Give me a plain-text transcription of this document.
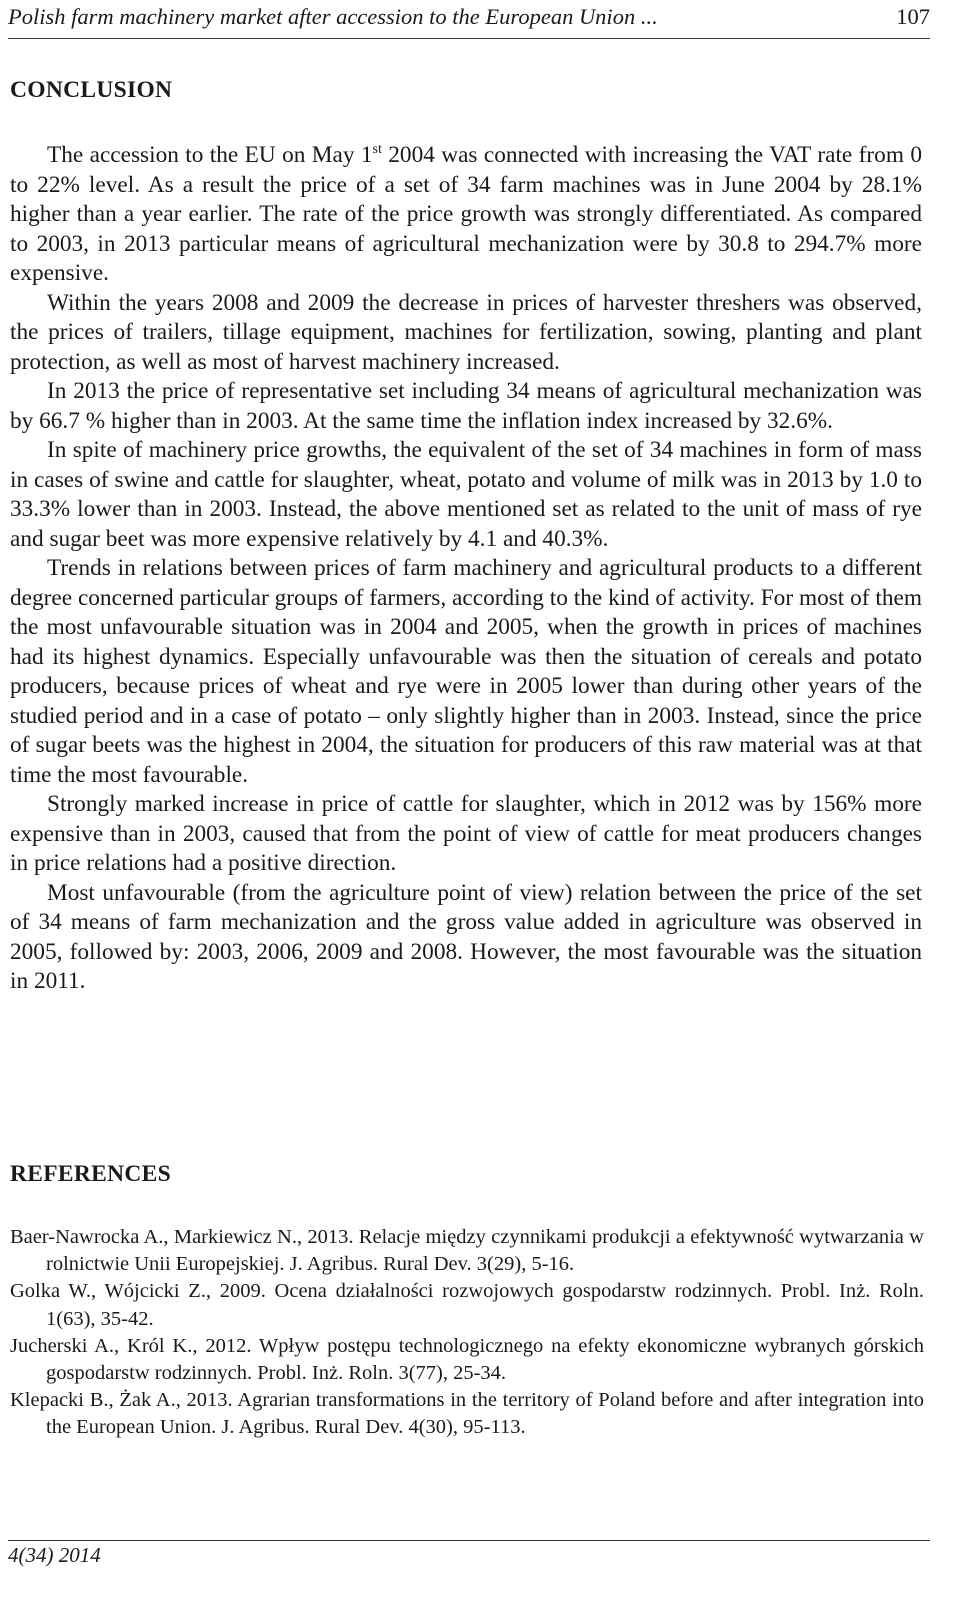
Polish farm machinery market after accession to the European Union ...	107
CONCLUSION

The accession to the EU on May 1st 2004 was connected with increasing the VAT rate from 0 to 22% level. As a result the price of a set of 34 farm machines was in June 2004 by 28.1% higher than a year earlier. The rate of the price growth was strongly differentiated. As compared to 2003, in 2013 particular means of agricultural mechanization were by 30.8 to 294.7% more expensive.

Within the years 2008 and 2009 the decrease in prices of harvester threshers was observed, the prices of trailers, tillage equipment, machines for fertilization, sowing, planting and plant protection, as well as most of harvest machinery increased.

In 2013 the price of representative set including 34 means of agricultural mechanization was by 66.7 % higher than in 2003. At the same time the inflation index increased by 32.6%.

In spite of machinery price growths, the equivalent of the set of 34 machines in form of mass in cases of swine and cattle for slaughter, wheat, potato and volume of milk was in 2013 by 1.0 to 33.3% lower than in 2003. Instead, the above mentioned set as related to the unit of mass of rye and sugar beet was more expensive relatively by 4.1 and 40.3%.

Trends in relations between prices of farm machinery and agricultural products to a different degree concerned particular groups of farmers, according to the kind of activity. For most of them the most unfavourable situation was in 2004 and 2005, when the growth in prices of machines had its highest dynamics. Especially unfavourable was then the situation of cereals and potato producers, because prices of wheat and rye were in 2005 lower than during other years of the studied period and in a case of potato – only slightly higher than in 2003. Instead, since the price of sugar beets was the highest in 2004, the situation for producers of this raw material was at that time the most favourable.

Strongly marked increase in price of cattle for slaughter, which in 2012 was by 156% more expensive than in 2003, caused that from the point of view of cattle for meat producers changes in price relations had a positive direction.

Most unfavourable (from the agriculture point of view) relation between the price of the set of 34 means of farm mechanization and the gross value added in agriculture was observed in 2005, followed by: 2003, 2006, 2009 and 2008. However, the most favourable was the situation in 2011.

REFERENCES

Baer-Nawrocka A., Markiewicz N., 2013. Relacje między czynnikami produkcji a efektywność wytwarzania w rolnictwie Unii Europejskiej. J. Agribus. Rural Dev. 3(29), 5-16.

Golka W., Wójcicki Z., 2009. Ocena działalności rozwojowych gospodarstw rodzinnych. Probl. Inż. Roln. 1(63), 35-42.

Jucherski A., Król K., 2012. Wpływ postępu technologicznego na efekty ekonomiczne wybranych górskich gospodarstw rodzinnych. Probl. Inż. Roln. 3(77), 25-34.

Klepacki B., Żak A., 2013. Agrarian transformations in the territory of Poland before and after integration into the European Union. J. Agribus. Rural Dev. 4(30), 95-113.

4(34) 2014
